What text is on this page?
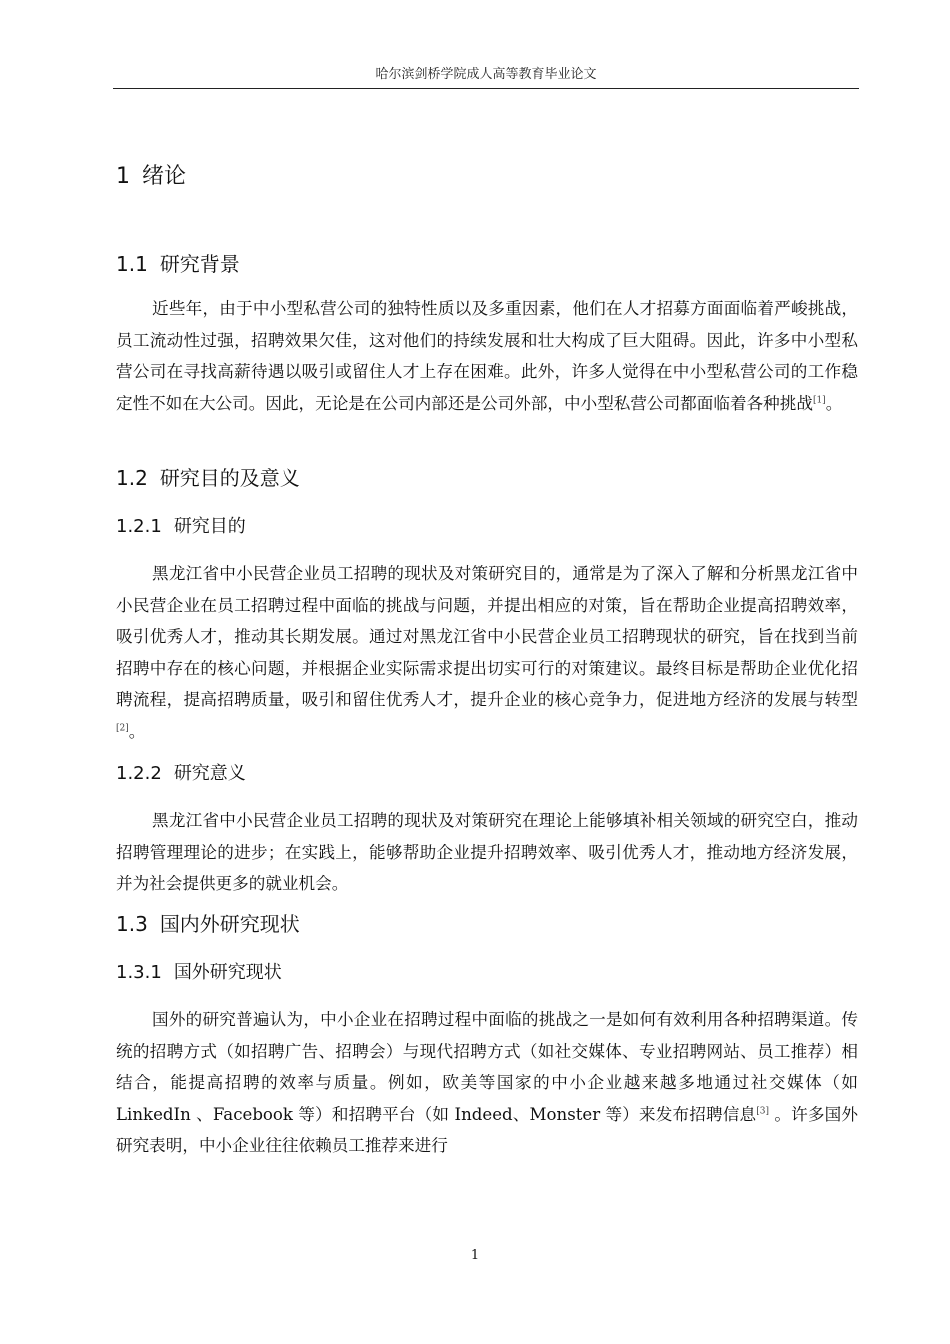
哈尔滨剑桥学院成人高等教育毕业论文
1 绪论
1.1 研究背景

近些年，由于中小型私营公司的独特性质以及多重因素，他们在人才招募方面面临着严峻挑战，员工流动性过强，招聘效果欠佳，这对他们的持续发展和壮大构成了巨大阻碍。因此，许多中小型私营公司在寻找高薪待遇以吸引或留住人才上存在困难。此外，许多人觉得在中小型私营公司的工作稳定性不如在大公司。因此，无论是在公司内部还是公司外部，中小型私营公司都面临着各种挑战[1]。

1.2 研究目的及意义
1.2.1 研究目的

黑龙江省中小民营企业员工招聘的现状及对策研究目的，通常是为了深入了解和分析黑龙江省中小民营企业在员工招聘过程中面临的挑战与问题，并提出相应的对策，旨在帮助企业提高招聘效率，吸引优秀人才，推动其长期发展。通过对黑龙江省中小民营企业员工招聘现状的研究，旨在找到当前招聘中存在的核心问题，并根据企业实际需求提出切实可行的对策建议。最终目标是帮助企业优化招聘流程，提高招聘质量，吸引和留住优秀人才，提升企业的核心竞争力，促进地方经济的发展与转型[2]。

1.2.2 研究意义

黑龙江省中小民营企业员工招聘的现状及对策研究在理论上能够填补相关领域的研究空白，推动招聘管理理论的进步；在实践上，能够帮助企业提升招聘效率、吸引优秀人才，推动地方经济发展，并为社会提供更多的就业机会。

1.3 国内外研究现状
1.3.1 国外研究现状

国外的研究普遍认为，中小企业在招聘过程中面临的挑战之一是如何有效利用各种招聘渠道。传统的招聘方式（如招聘广告、招聘会）与现代招聘方式（如社交媒体、专业招聘网站、员工推荐）相结合，能提高招聘的效率与质量。例如，欧美等国家的中小企业越来越多地通过社交媒体（如 LinkedIn 、Facebook 等）和招聘平台（如 Indeed、Monster 等）来发布招聘信息[3] 。许多国外研究表明，中小企业往往依赖员工推荐来进行

1
